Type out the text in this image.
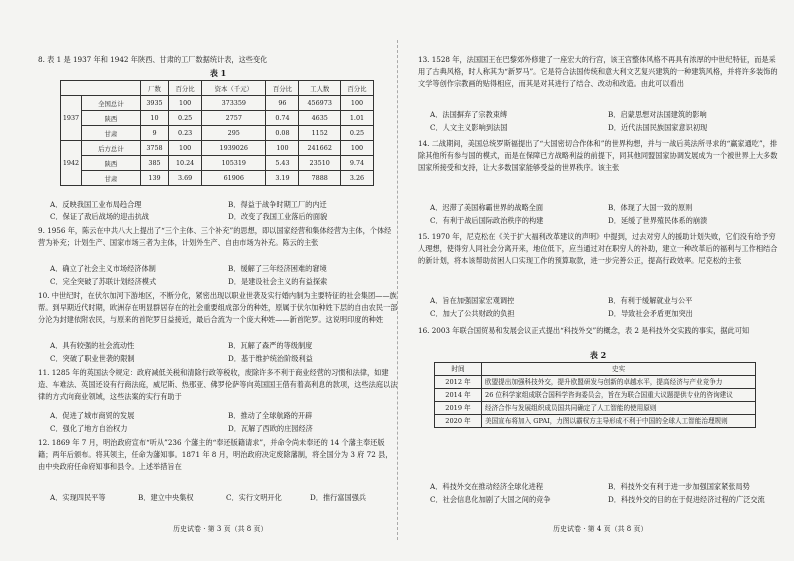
8. 表 1 是 1937 年和 1942 年陕西、甘肃的工厂数据统计表，这些变化
表 1
		厂数	百分比	资本（千元）	百分比	工人数	百分比
1937	全国总计	3935	100	373359	96	456973	100
	陕西	10	0.25	2757	0.74	4635	1.01
	甘肃	9	0.23	295	0.08	1152	0.25
1942	后方总计	3758	100	1939026	100	241662	100
	陕西	385	10.24	105319	5.43	23510	9.74
	甘肃	139	3.69	61906	3.19	7888	3.26
A．反映我国工业布局趋合理	B．得益于战争时期工厂的内迁
C．保证了敌后战场的迎击抗战	D．改变了我国工业落后的面貌
9. 1956 年，陈云在中共八大上提出了“三个主体、三个补充”的思想，即以国家经营和集体经营为主体，个体经营为补充；计划生产、国家市场三者为主体，计划外生产、自由市场为补充。陈云的主张
A．确立了社会主义市场经济体制	B．缓解了三年经济困难的窘境
C．完全突破了苏联计划经济模式	D．是建设社会主义的有益探索
10. 中世纪时，在伏尔加河下游地区，不断分化，紧密出现以职业世袭及实行婚内制为主要特征的社会集团——族帮。到早期近代时期，欧洲存在明显群居存在的社会重要组成部分的种姓，原属于伏尔加种姓下层的自由农民一部分沦为封建依附农民，与原来的首陀罗日益接近，最后合流为一个庞大种姓——新首陀罗。这说明印度的种姓
A．具有较强的社会流动性	B．瓦解了森严的等级制度
C．突破了职业世袭的限制	D．基于维护统治阶级利益
11. 1285 年的英国法令规定：政府减低关税和清除行政等税收，废除许多不利于商业经营的习惯和法律，如建造、车难法、英国还设有行商法庭，威尼斯、热那亚、佛罗伦萨等向英国国王借有着高利息的款项，这些法庭以法律的方式向商业领域，这些法案的实行有助于
A．促进了城市商贸的发展	B．推动了全球航路的开辟
C．强化了地方自治权力	D．瓦解了西欧的庄园经济
12. 1869 年 7 月，明治政府宣布“听从”236 个藩主的“奉还版籍请求”，并命令尚未奉还的 14 个藩主奉还版籍；两年后颁布。将其领主，任命为藩知事。1871 年 8 月，明治政府决定废除藩制，将全国分为 3 府 72 县，由中央政府任命府知事和县令。上述举措旨在
A．实现四民平等	B．建立中央集权	C．实行文明开化	D．推行富国强兵
历史试卷 · 第 3 页（共 8 页）
13. 1528 年，法国国王在巴黎郊外修建了一座宏大的行宫，该王宫整体风格不再具有浓厚的中世纪特征，而是采用了古典风格，时人称其为“新罗马”。它是符合法国传统和意大利文艺复兴建筑的一种建筑风格，并将许多装饰的文学等创作宗教画的贴得相应，而其是对其进行了结合、改动和改造。由此可以看出
A．法国摒弃了宗教束缚	B．启蒙思想对法国建筑的影响
C．人文主义影响到法国	D．近代法国民族国家意识初现
14. 二战期间，美国总统罗斯福提出了“大国密切合作体和”的世界构想，并与一战后英法所寻求的“赢家通吃”，排除其他所有参与国的模式，而是在保障已方战略利益的前提下，同其他同盟国家协调发展成为一个被世界上大多数国家所接受和支持，让大多数国家能够受益的世界秩序。该主张
A．迟滞了美国称霸世界的战略全面	B．体现了大国一致的原则
C．有利于战后国际政治秩序的构建	D．延缓了世界殖民体系的崩溃
15. 1970 年，尼克松在《关于扩大福利改革建议的声明》中提到，过去对穷人的援助计划失败，它们没有给予穷人理想，使得穷人同社会分离开来，地位低下，应当通过对在职穷人的补助，建立一种改革后的福利与工作相结合的新计划，将本该帮助贫困人口实现工作的预算取款，进一步完善公正，提高行政效率。尼克松的主张
A．旨在加强国家宏观调控	B．有利于缓解就业与公平
C．加大了公共财政的负担	D．导致社会矛盾更加突出
16. 2003 年联合国贸易和发展会议正式提出“科技外交”的概念，表 2 是科技外交实践的事实，据此可知
表 2
时间	史实
2012 年	欧盟提出加强科技外交，提升欧盟研发与创新的卓越水平，提高经济与产业竞争力
2014 年	26 位科学家组成联合国科学咨询委员会，旨在为联合国重大议题提供专业的咨询建议
2019 年	经济合作与发展组织成员国共同确定了人工智能的使用原则
2020 年	美国宣布将加入 GPAI，力图以霸权方主导形成不利于中国的全球人工智能治理规则
A．科技外交在推动经济全球化进程	B．科技外交有利于进一步加强国家紧张局势
C．社会信息化加剧了大国之间的竞争	D．科技外交的目的在于促进经济过程的广泛交流
历史试卷 · 第 4 页（共 8 页）
